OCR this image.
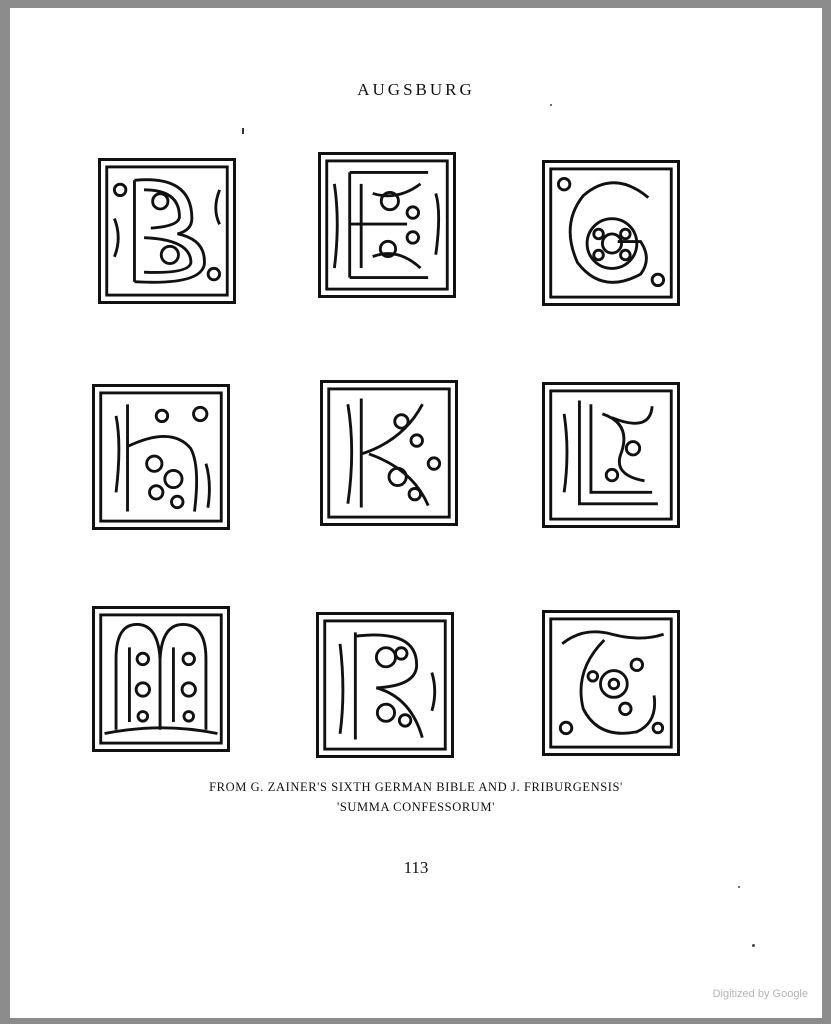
AUGSBURG
FROM G. ZAINER'S SIXTH GERMAN BIBLE AND J. FRIBURGENSIS'
'SUMMA CONFESSORUM'
113
Digitized by Google
